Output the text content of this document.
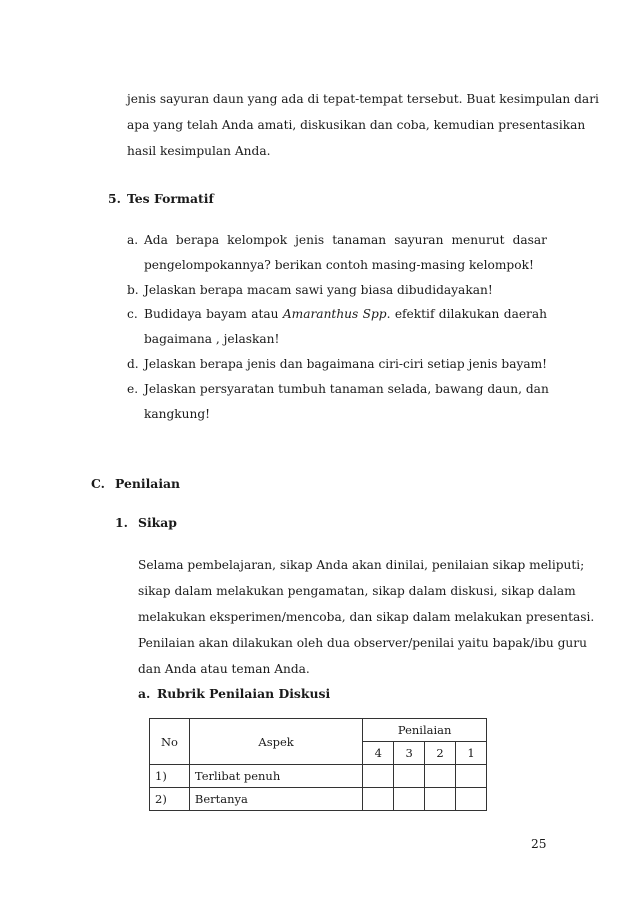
jenis sayuran daun yang ada di tepat-tempat tersebut. Buat kesimpulan dari
apa yang telah Anda amati, diskusikan dan coba, kemudian presentasikan
hasil kesimpulan Anda.
5. Tes Formatif
a. Ada berapa kelompok jenis tanaman sayuran menurut dasar
pengelompokannya? berikan contoh masing-masing kelompok!
b. Jelaskan berapa macam sawi yang biasa dibudidayakan!
c. Budidaya bayam atau Amaranthus Spp. efektif dilakukan daerah
bagaimana , jelaskan!
d. Jelaskan berapa jenis dan bagaimana ciri-ciri setiap jenis bayam!
e. Jelaskan persyaratan tumbuh tanaman selada, bawang daun, dan
kangkung!
C. Penilaian
1. Sikap
Selama pembelajaran, sikap Anda akan dinilai, penilaian sikap meliputi;
sikap dalam melakukan pengamatan, sikap dalam diskusi, sikap dalam
melakukan eksperimen/mencoba, dan sikap dalam melakukan presentasi.
Penilaian akan dilakukan oleh dua observer/penilai yaitu bapak/ibu guru
dan Anda atau teman Anda.
a. Rubrik Penilaian Diskusi
No	Aspek	Penilaian			
		4	3	2	1
1)	Terlibat penuh				
2)	Bertanya				
25
